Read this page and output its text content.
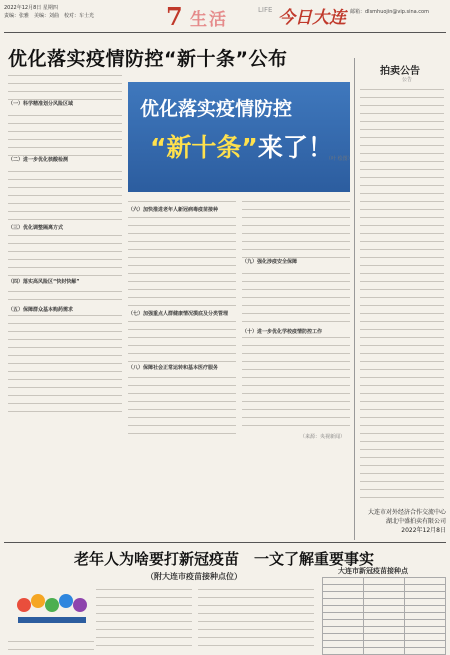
2022年12月8日 星期四
责编：张雅　美编：刘曲　校对：车士光	7 生活	LIFE 今日大连 邮箱：dlsmhuojin@vip.sina.com
优化落实疫情防控“新十条”公布
优化落实疫情防控
“新十条”来了！
（叶 绘图）
（一）科学精准划分风险区域
（二）进一步优化核酸检测
（三）优化调整隔离方式
（四）落实高风险区“快封快解”
（五）保障群众基本购药需求
（六）加快推进老年人新冠病毒疫苗接种
（七）加强重点人群健康情况摸底及分类管理
（八）保障社会正常运转和基本医疗服务
（九）强化涉疫安全保障
（十）进一步优化学校疫情防控工作
（来源：央视新闻）
拍卖公告
公告
大连市对外经济合作交流中心
湖北中盛拍卖有限公司
2022年12月8日
老年人为啥要打新冠疫苗　一文了解重要事实
（附大连市疫苗接种点位）
大连市新冠疫苗接种点
